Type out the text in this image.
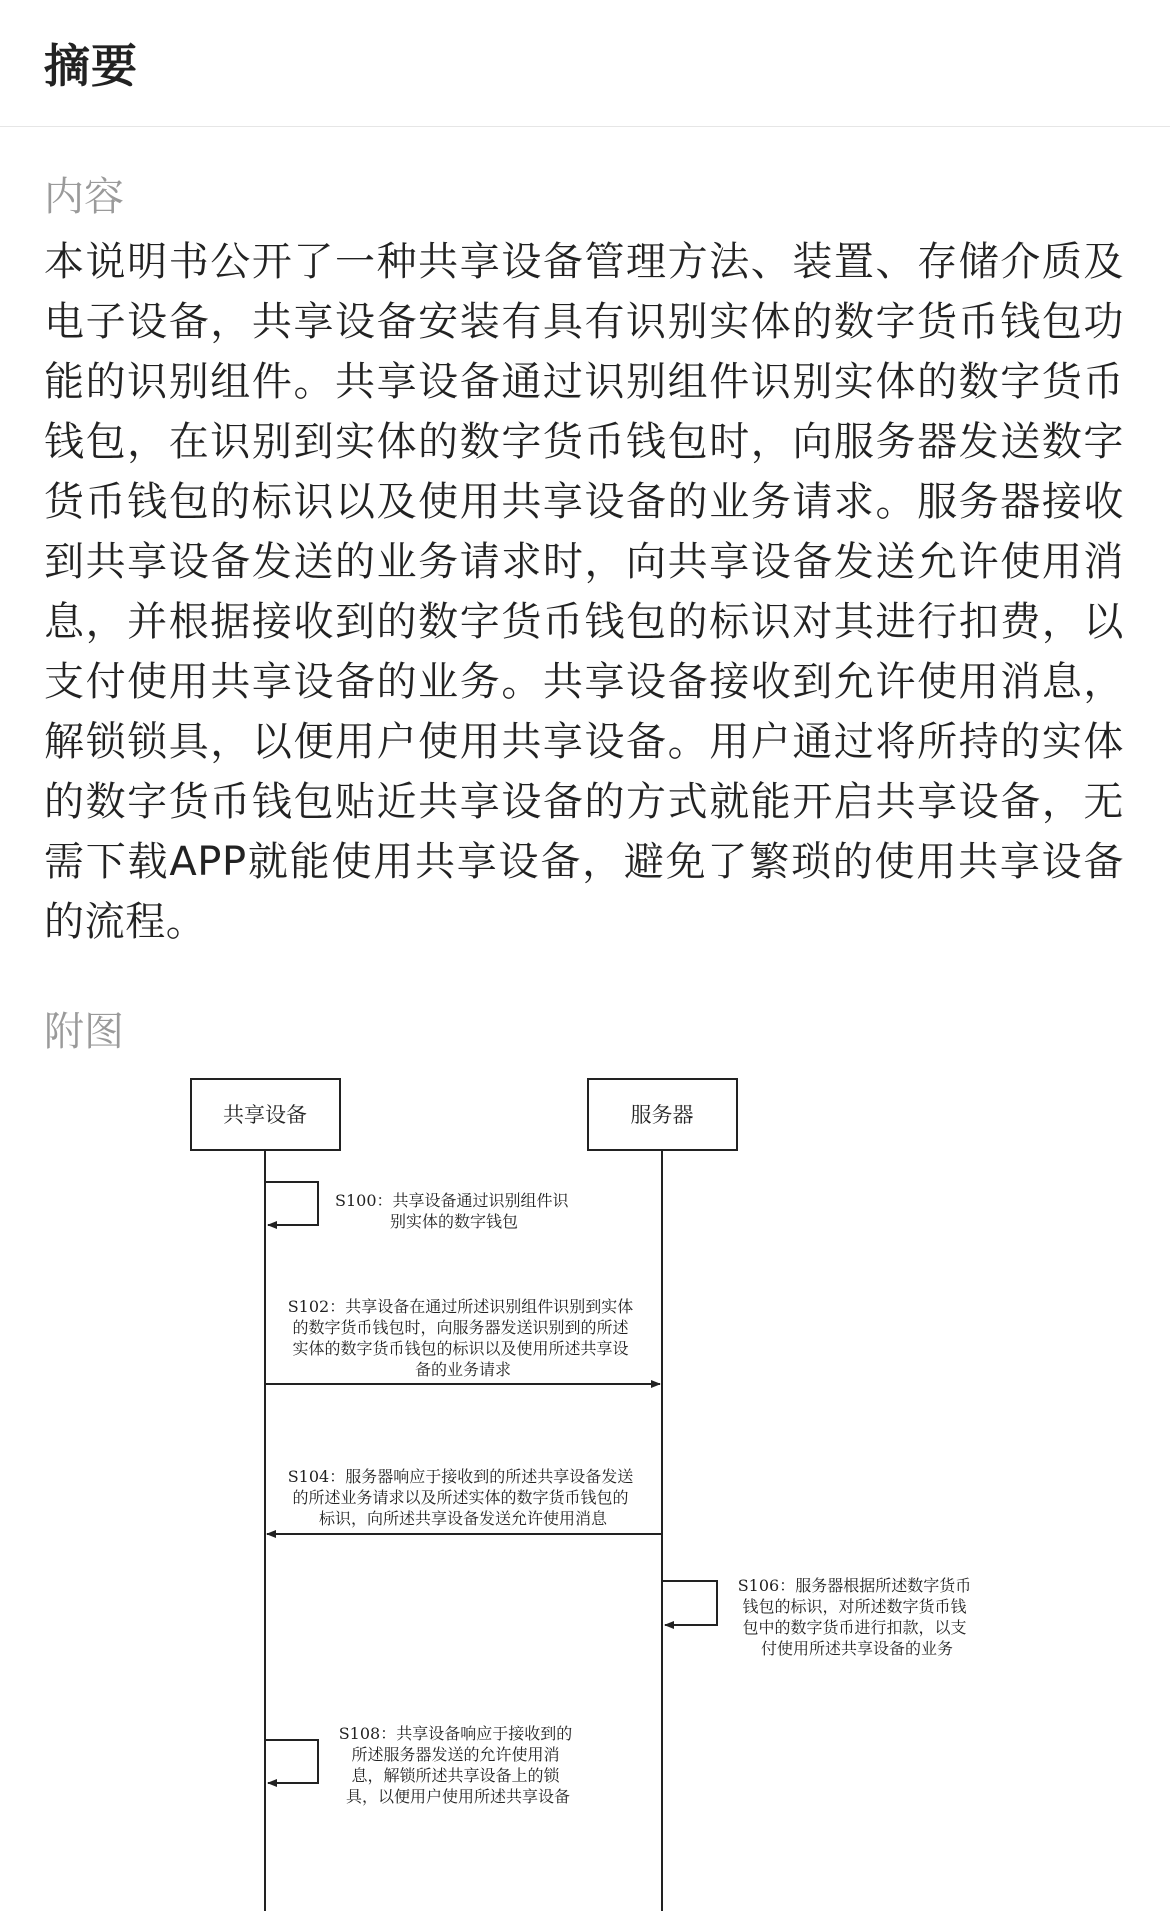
摘要
内容

本说明书公开了一种共享设备管理方法、装置、存储介质及电子设备，共享设备安装有具有识别实体的数字货币钱包功能的识别组件。共享设备通过识别组件识别实体的数字货币钱包，在识别到实体的数字货币钱包时，向服务器发送数字货币钱包的标识以及使用共享设备的业务请求。服务器接收到共享设备发送的业务请求时，向共享设备发送允许使用消息，并根据接收到的数字货币钱包的标识对其进行扣费，以支付使用共享设备的业务。共享设备接收到允许使用消息，解锁锁具，以便用户使用共享设备。用户通过将所持的实体的数字货币钱包贴近共享设备的方式就能开启共享设备，无需下载APP就能使用共享设备，避免了繁琐的使用共享设备的流程。

附图
共享设备	服务器
S100：共享设备通过识别组件识 别实体的数字钱包
S102：共享设备在通过所述识别组件识别到实体 的数字货币钱包时，向服务器发送识别到的所述 实体的数字货币钱包的标识以及使用所述共享设 备的业务请求
S104：服务器响应于接收到的所述共享设备发送 的所述业务请求以及所述实体的数字货币钱包的 标识，向所述共享设备发送允许使用消息
S106：服务器根据所述数字货币 钱包的标识，对所述数字货币钱 包中的数字货币进行扣款，以支 付使用所述共享设备的业务
S108：共享设备响应于接收到的 所述服务器发送的允许使用消 息，解锁所述共享设备上的锁 具，以便用户使用所述共享设备
